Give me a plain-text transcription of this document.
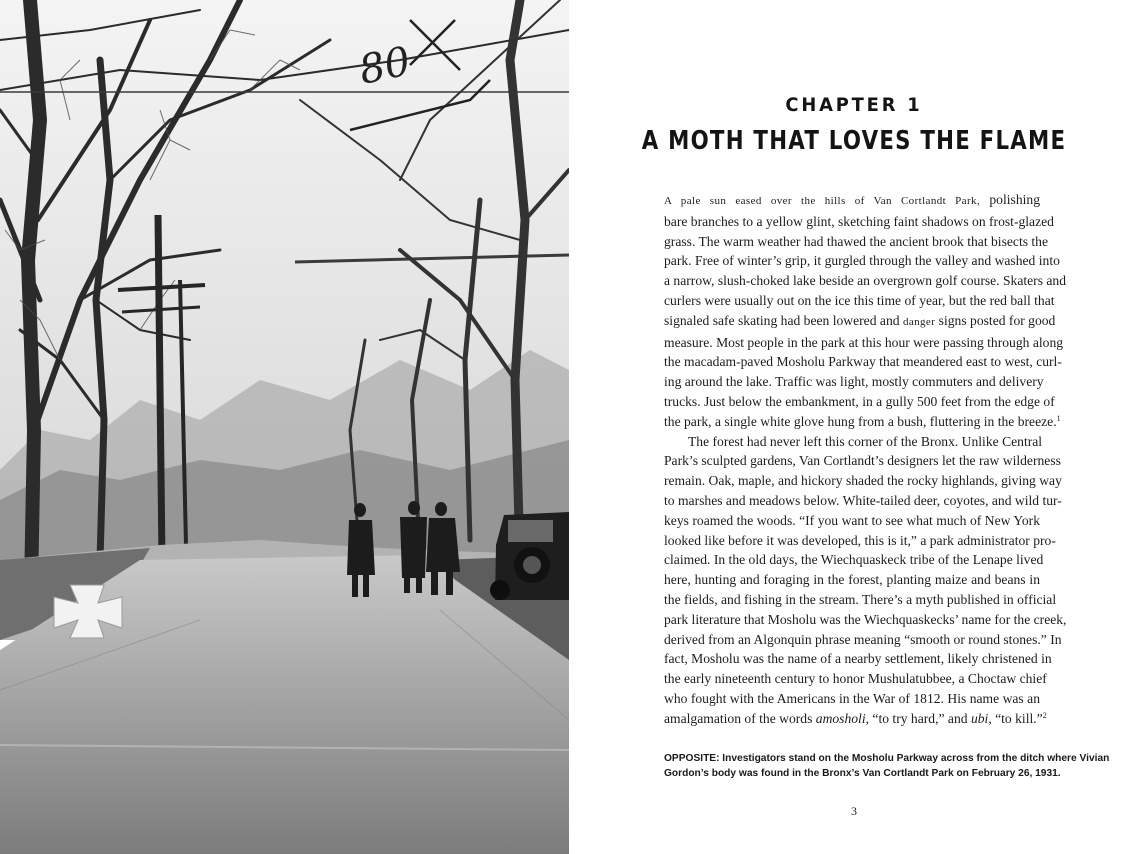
80
CHAPTER 1
A MOTH THAT LOVES THE FLAME
A pale sun eased over the hills of Van Cortlandt Park, polishing
bare branches to a yellow glint, sketching faint shadows on frost-glazed
grass. The warm weather had thawed the ancient brook that bisects the
park. Free of winter’s grip, it gurgled through the valley and washed into
a narrow, slush-choked lake beside an overgrown golf course. Skaters and
curlers were usually out on the ice this time of year, but the red ball that
signaled safe skating had been lowered and danger signs posted for good
measure. Most people in the park at this hour were passing through along
the macadam-paved Mosholu Parkway that meandered east to west, curl-
ing around the lake. Traffic was light, mostly commuters and delivery
trucks. Just below the embankment, in a gully 500 feet from the edge of
the park, a single white glove hung from a bush, fluttering in the breeze.$^1$
The forest had never left this corner of the Bronx. Unlike Central
Park’s sculpted gardens, Van Cortlandt’s designers let the raw wilderness
remain. Oak, maple, and hickory shaded the rocky highlands, giving way
to marshes and meadows below. White-tailed deer, coyotes, and wild tur-
keys roamed the woods. “If you want to see what much of New York
looked like before it was developed, this is it,” a park administrator pro-
claimed. In the old days, the Wiechquaskeck tribe of the Lenape lived
here, hunting and foraging in the forest, planting maize and beans in
the fields, and fishing in the stream. There’s a myth published in official
park literature that Mosholu was the Wiechquaskecks’ name for the creek,
derived from an Algonquin phrase meaning “smooth or round stones.” In
fact, Mosholu was the name of a nearby settlement, likely christened in
the early nineteenth century to honor Mushulatubbee, a Choctaw chief
who fought with the Americans in the War of 1812. His name was an
amalgamation of the words amosholi, “to try hard,” and ubi, “to kill.”$^2$
OPPOSITE: Investigators stand on the Mosholu Parkway across from the ditch where Vivian
Gordon’s body was found in the Bronx’s Van Cortlandt Park on February 26, 1931.
3
